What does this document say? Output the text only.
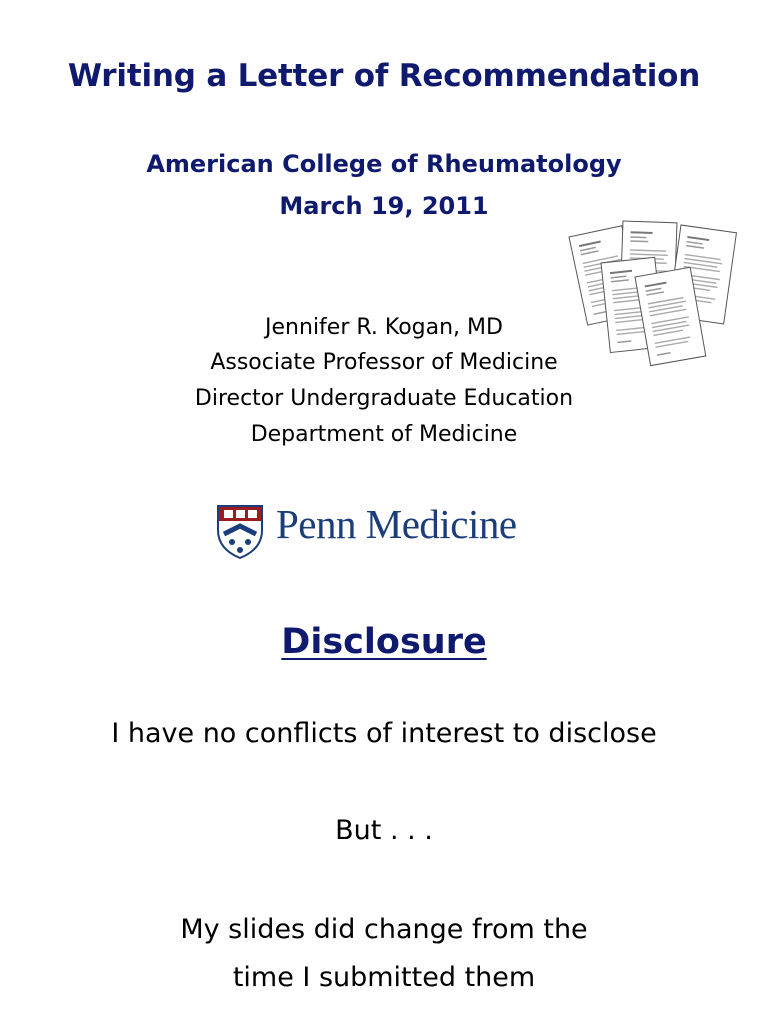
Writing a Letter of Recommendation
American College of Rheumatology
March 19, 2011
Jennifer R. Kogan, MD
Associate Professor of Medicine
Director Undergraduate Education
Department of Medicine
Penn Medicine
Disclosure
I have no conflicts of interest to disclose
But . . .
My slides did change from the
time I submitted them
